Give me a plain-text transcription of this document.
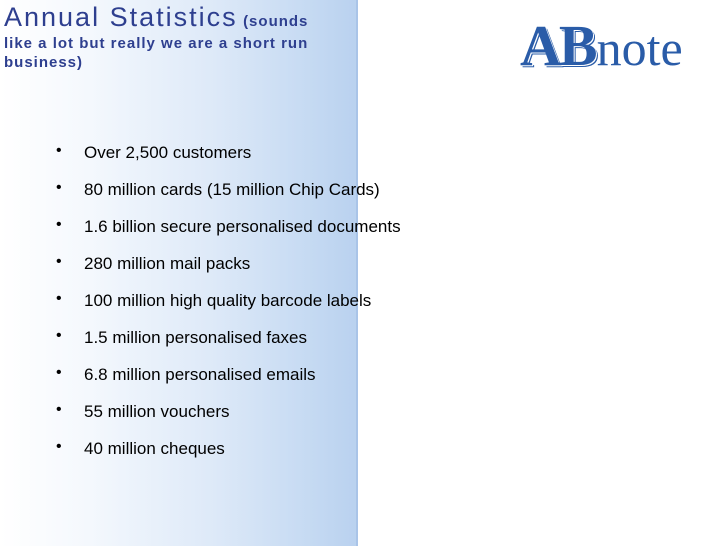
Annual Statistics (sounds
like a lot but really we are a short run
business)	AB note
• Over 2,500 customers
• 80 million cards (15 million Chip Cards)
• 1.6 billion secure personalised documents
• 280 million mail packs
• 100 million high quality barcode labels
• 1.5 million personalised faxes
• 6.8 million personalised emails
• 55 million vouchers
• 40 million cheques
